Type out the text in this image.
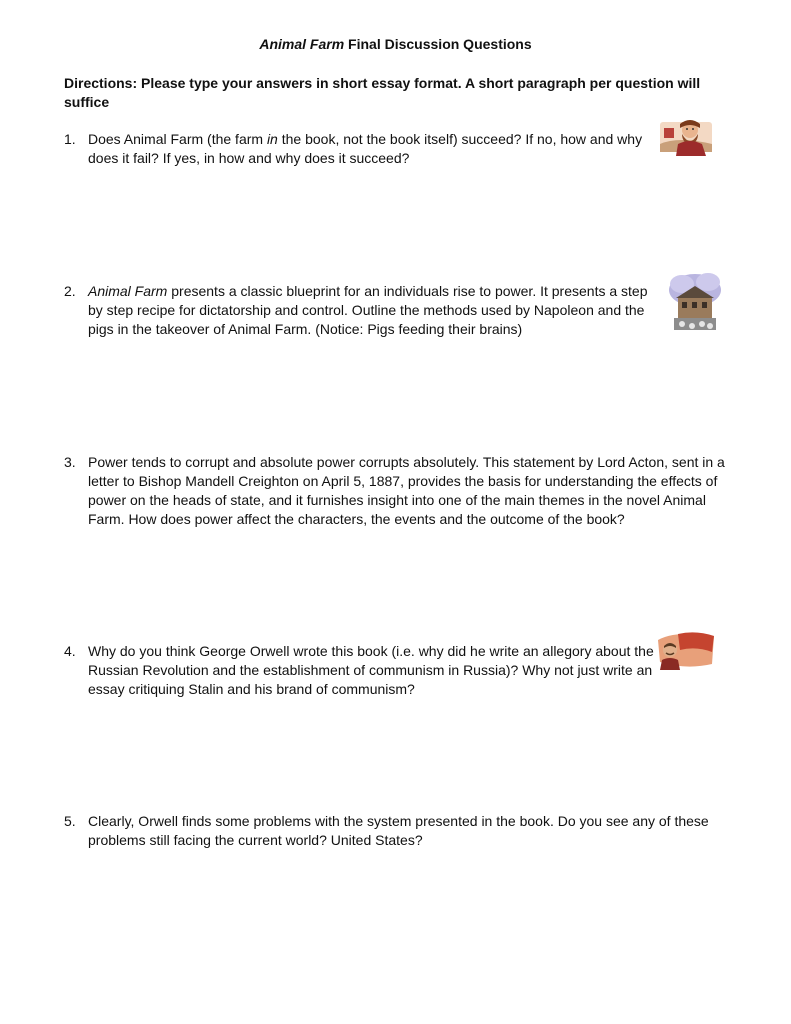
Animal Farm Final Discussion Questions
Directions: Please type your answers in short essay format. A short paragraph per question will suffice
1. Does Animal Farm (the farm in the book, not the book itself) succeed? If no, how and why does it fail? If yes, in how and why does it succeed?
2. Animal Farm presents a classic blueprint for an individuals rise to power. It presents a step by step recipe for dictatorship and control. Outline the methods used by Napoleon and the pigs in the takeover of Animal Farm. (Notice: Pigs feeding their brains)
3. Power tends to corrupt and absolute power corrupts absolutely. This statement by Lord Acton, sent in a letter to Bishop Mandell Creighton on April 5, 1887, provides the basis for understanding the effects of power on the heads of state, and it furnishes insight into one of the main themes in the novel Animal Farm. How does power affect the characters, the events and the outcome of the book?
4. Why do you think George Orwell wrote this book (i.e. why did he write an allegory about the Russian Revolution and the establishment of communism in Russia)? Why not just write an essay critiquing Stalin and his brand of communism?
5. Clearly, Orwell finds some problems with the system presented in the book. Do you see any of these problems still facing the current world? United States?
